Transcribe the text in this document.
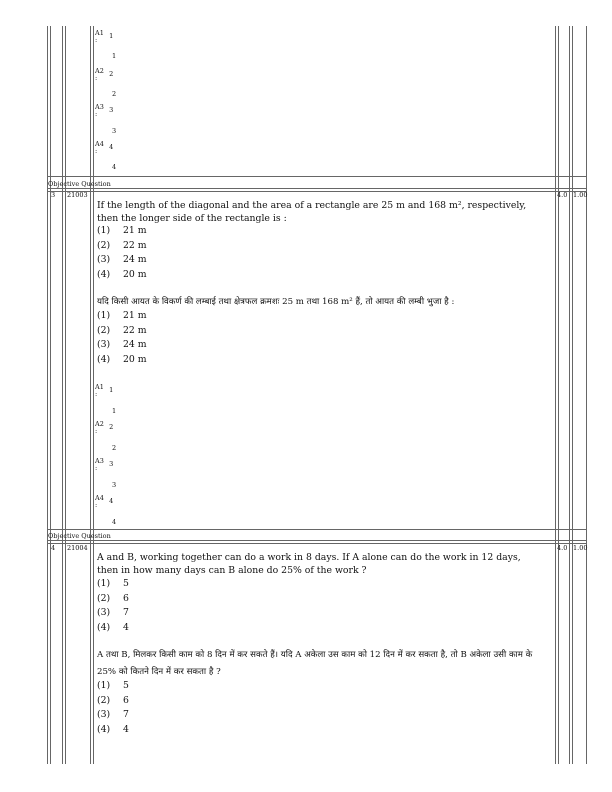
A1 1
:
1
A2 2
:
2
A3 3
:
3
A4 4
:
4
Objective Question
3 21003	4.0 1.00
If the length of the diagonal and the area of a rectangle are 25 m and 168 m², respectively, then the longer side of the rectangle is :
(1) 21 m
(2) 22 m
(3) 24 m
(4) 20 m
यदि किसी आयत के विकर्ण की लम्बाई तथा क्षेत्रफल क्रमशः 25 m तथा 168 m² हैं, तो आयत की लम्बी भुजा है :
(1) 21 m
(2) 22 m
(3) 24 m
(4) 20 m
A1 1
:
1
A2 2
:
2
A3 3
:
3
A4 4
:
4
Objective Question
4 21004	4.0 1.00
A and B, working together can do a work in 8 days. If A alone can do the work in 12 days, then in how many days can B alone do 25% of the work ?
(1) 5
(2) 6
(3) 7
(4) 4
A तथा B, मिलकर किसी काम को 8 दिन में कर सकते हैं। यदि A अकेला उस काम को 12 दिन में कर सकता है, तो B अकेला उसी काम के 25% को कितने दिन में कर सकता है ?
(1) 5
(2) 6
(3) 7
(4) 4
